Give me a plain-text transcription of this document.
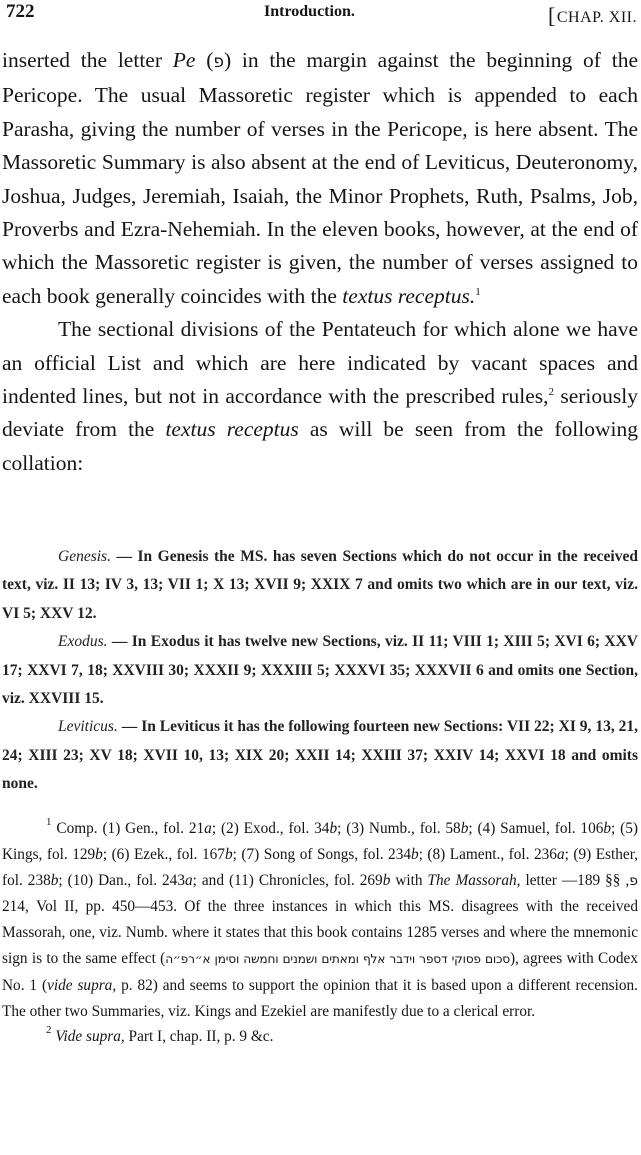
722	Introduction.	[CHAP. XII.

inserted the letter Pe (פ) in the margin against the beginning of the Pericope. The usual Massoretic register which is appended to each Parasha, giving the number of verses in the Pericope, is here absent. The Massoretic Summary is also absent at the end of Leviticus, Deuteronomy, Joshua, Judges, Jeremiah, Isaiah, the Minor Prophets, Ruth, Psalms, Job, Proverbs and Ezra-Nehemiah. In the eleven books, however, at the end of which the Massoretic register is given, the number of verses assigned to each book generally coincides with the textus receptus.$^1$

The sectional divisions of the Pentateuch for which alone we have an official List and which are here indicated by vacant spaces and indented lines, but not in accordance with the prescribed rules,$^2$ seriously deviate from the textus receptus as will be seen from the following collation:

Genesis. — In Genesis the MS. has seven Sections which do not occur in the received text, viz. II 13; IV 3, 13; VII 1; X 13; XVII 9; XXIX 7 and omits two which are in our text, viz. VI 5; XXV 12.

Exodus. — In Exodus it has twelve new Sections, viz. II 11; VIII 1; XIII 5; XVI 6; XXV 17; XXVI 7, 18; XXVIII 30; XXXII 9; XXXIII 5; XXXVI 35; XXXVII 6 and omits one Section, viz. XXVIII 15.

Leviticus. — In Leviticus it has the following fourteen new Sections: VII 22; XI 9, 13, 21, 24; XIII 23; XV 18; XVII 10, 13; XIX 20; XXII 14; XXIII 37; XXIV 14; XXVI 18 and omits none.

$^1$ Comp. (1) Gen., fol. 21a; (2) Exod., fol. 34b; (3) Numb., fol. 58b; (4) Samuel, fol. 106b; (5) Kings, fol. 129b; (6) Ezek., fol. 167b; (7) Song of Songs, fol. 234b; (8) Lament., fol. 236a; (9) Esther, fol. 238b; (10) Dan., fol. 243a; and (11) Chronicles, fol. 269b with The Massorah, letter	פ, §§ 189—214, Vol II, pp. 450—453. Of the three instances in which this MS. disagrees with the received Massorah, one, viz. Numb. where it states that this book contains 1285 verses and where the mnemonic sign is to the same effect (סכום פסוקי דספר וידבר אלף ומאתים ושמנים וחמשה וסימן א״רפ״ה), agrees with Codex No. 1 (vide supra, p. 82) and seems to support the opinion that it is based upon a different recension. The other two Summaries, viz. Kings and Ezekiel are manifestly due to a clerical error.

$^2$ Vide supra, Part I, chap. II, p. 9 &c.
